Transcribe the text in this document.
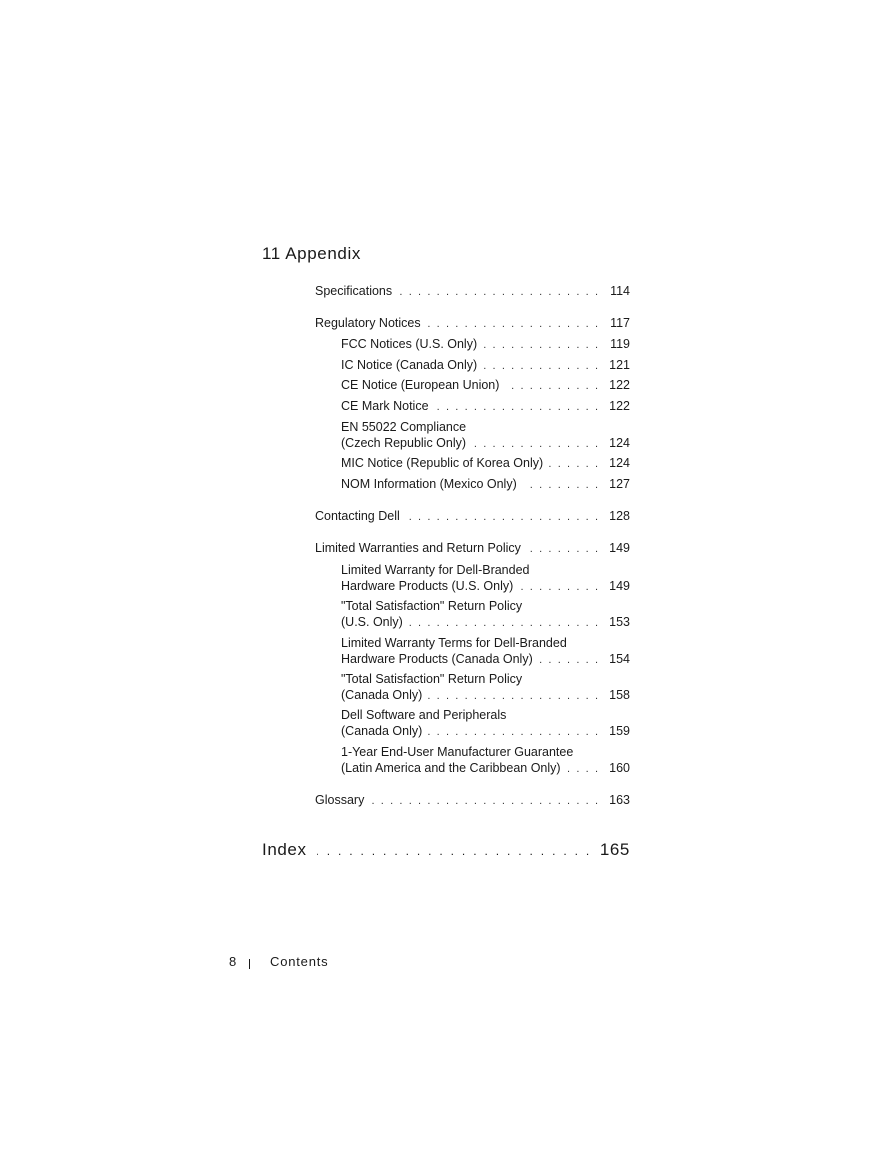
11 Appendix
Specifications . . .	114
Regulatory Notices . . .	117
FCC Notices (U.S. Only) . . .	119
IC Notice (Canada Only) . . .	121
CE Notice (European Union) . . .	122
CE Mark Notice . . .	122
EN 55022 Compliance
(Czech Republic Only) . . .	124
MIC Notice (Republic of Korea Only) . . .	124
NOM Information (Mexico Only) . . .	127
Contacting Dell . . .	128
Limited Warranties and Return Policy . . .	149
Limited Warranty for Dell-Branded
Hardware Products (U.S. Only) . . .	149
"Total Satisfaction" Return Policy
(U.S. Only) . . .	153
Limited Warranty Terms for Dell-Branded
Hardware Products (Canada Only) . . .	154
"Total Satisfaction" Return Policy
(Canada Only) . . .	158
Dell Software and Peripherals
(Canada Only) . . .	159
1-Year End-User Manufacturer Guarantee
(Latin America and the Caribbean Only) . . .	160
Glossary . . .	163
Index . . .	165
8	Contents
